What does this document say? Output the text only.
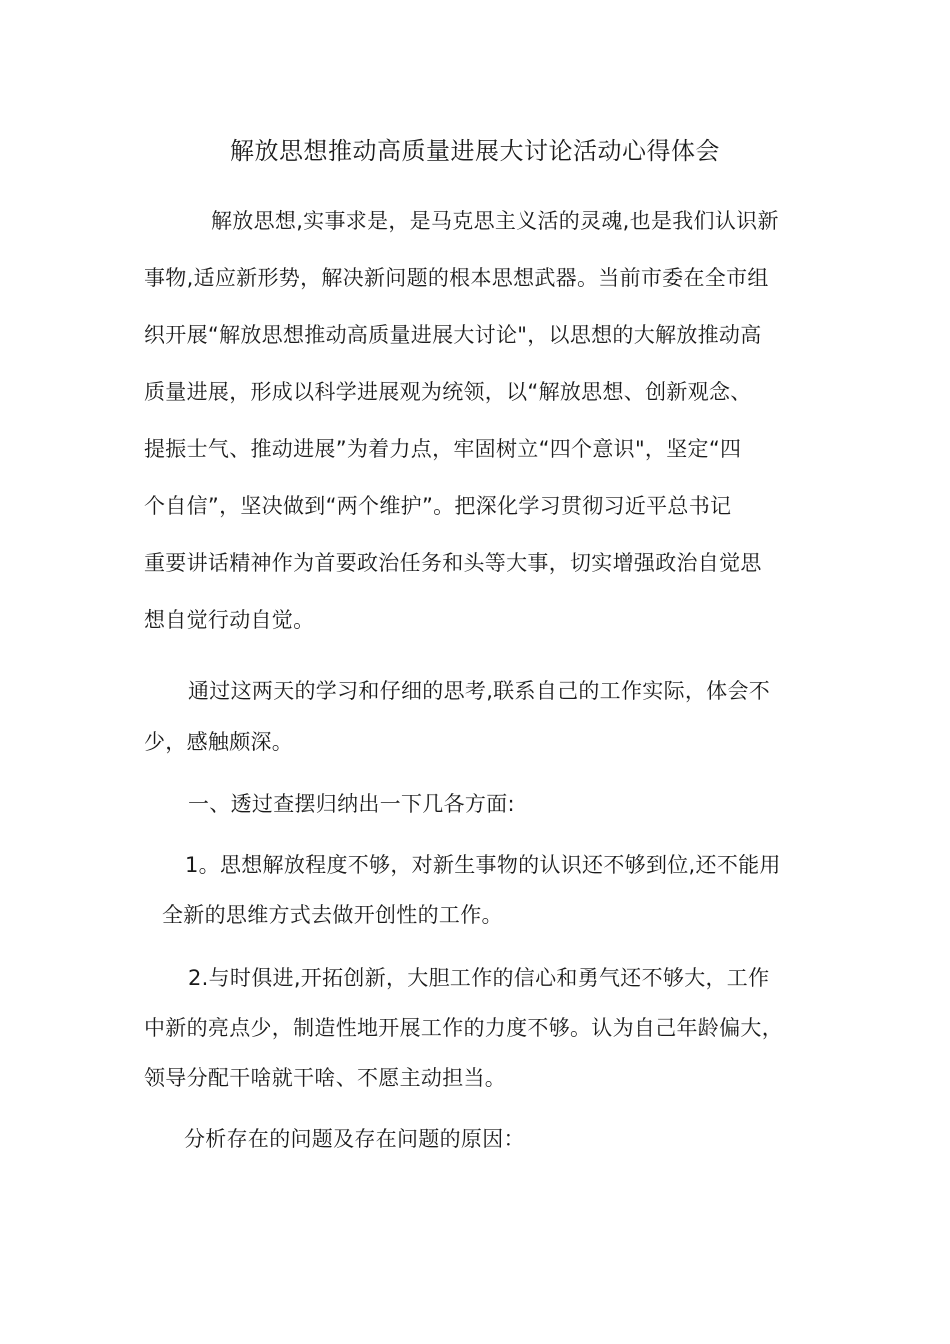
解放思想推动高质量进展大讨论活动心得体会
解放思想,实事求是，是马克思主义活的灵魂,也是我们认识新
事物,适应新形势，解决新问题的根本思想武器。当前市委在全市组
织开展“解放思想推动高质量进展大讨论"，以思想的大解放推动高
质量进展，形成以科学进展观为统领，以“解放思想、创新观念、
提振士气、推动进展”为着力点，牢固树立“四个意识"，坚定“四
个自信”，坚决做到“两个维护”。把深化学习贯彻习近平总书记
重要讲话精神作为首要政治任务和头等大事，切实增强政治自觉思
想自觉行动自觉。
通过这两天的学习和仔细的思考,联系自己的工作实际，体会不
少，感触颇深。
一、透过查摆归纳出一下几各方面:
1。思想解放程度不够，对新生事物的认识还不够到位,还不能用
全新的思维方式去做开创性的工作。
2.与时俱进,开拓创新，大胆工作的信心和勇气还不够大，工作
中新的亮点少，制造性地开展工作的力度不够。认为自己年龄偏大，
领导分配干啥就干啥、不愿主动担当。
分析存在的问题及存在问题的原因：
